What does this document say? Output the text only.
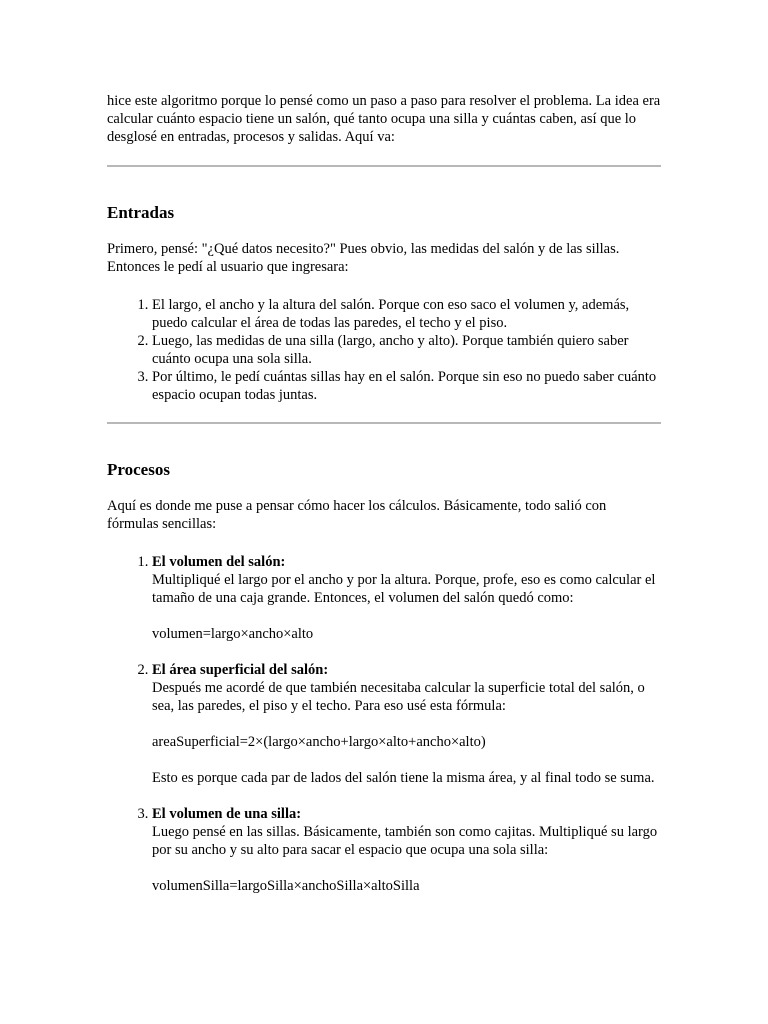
hice este algoritmo porque lo pensé como un paso a paso para resolver el problema. La idea era calcular cuánto espacio tiene un salón, qué tanto ocupa una silla y cuántas caben, así que lo desglosé en entradas, procesos y salidas. Aquí va:

Entradas

Primero, pensé: "¿Qué datos necesito?" Pues obvio, las medidas del salón y de las sillas. Entonces le pedí al usuario que ingresara:

1. El largo, el ancho y la altura del salón. Porque con eso saco el volumen y, además, puedo calcular el área de todas las paredes, el techo y el piso.
2. Luego, las medidas de una silla (largo, ancho y alto). Porque también quiero saber cuánto ocupa una sola silla.
3. Por último, le pedí cuántas sillas hay en el salón. Porque sin eso no puedo saber cuánto espacio ocupan todas juntas.
Procesos

Aquí es donde me puse a pensar cómo hacer los cálculos. Básicamente, todo salió con fórmulas sencillas:

1. El volumen del salón:
Multipliqué el largo por el ancho y por la altura. Porque, profe, eso es como calcular el tamaño de una caja grande. Entonces, el volumen del salón quedó como:
volumen=largo×ancho×alto
2. El área superficial del salón:
Después me acordé de que también necesitaba calcular la superficie total del salón, o sea, las paredes, el piso y el techo. Para eso usé esta fórmula:
areaSuperficial=2×(largo×ancho+largo×alto+ancho×alto)
Esto es porque cada par de lados del salón tiene la misma área, y al final todo se suma.
3. El volumen de una silla:
Luego pensé en las sillas. Básicamente, también son como cajitas. Multipliqué su largo por su ancho y su alto para sacar el espacio que ocupa una sola silla:
volumenSilla=largoSilla×anchoSilla×altoSilla
